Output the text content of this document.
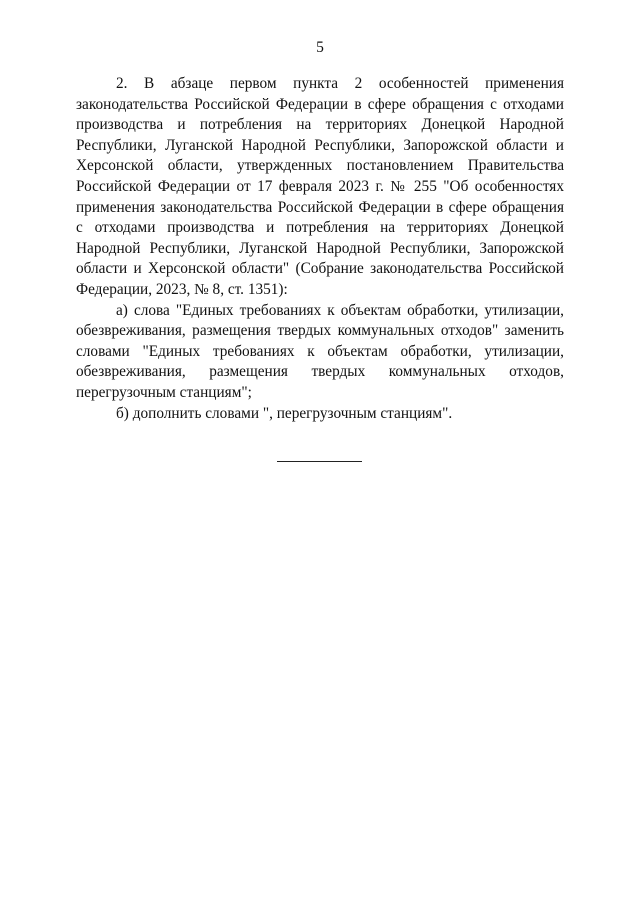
5

2. В абзаце первом пункта 2 особенностей применения законодательства Российской Федерации в сфере обращения с отходами производства и потребления на территориях Донецкой Народной Республики, Луганской Народной Республики, Запорожской области и Херсонской области, утвержденных постановлением Правительства Российской Федерации от 17 февраля 2023 г. № 255 "Об особенностях применения законодательства Российской Федерации в сфере обращения с отходами производства и потребления на территориях Донецкой Народной Республики, Луганской Народной Республики, Запорожской области и Херсонской области" (Собрание законодательства Российской Федерации, 2023, № 8, ст. 1351):

а) слова "Единых требованиях к объектам обработки, утилизации, обезвреживания, размещения твердых коммунальных отходов" заменить словами "Единых требованиях к объектам обработки, утилизации, обезвреживания, размещения твердых коммунальных отходов, перегрузочным станциям";

б) дополнить словами ", перегрузочным станциям".
